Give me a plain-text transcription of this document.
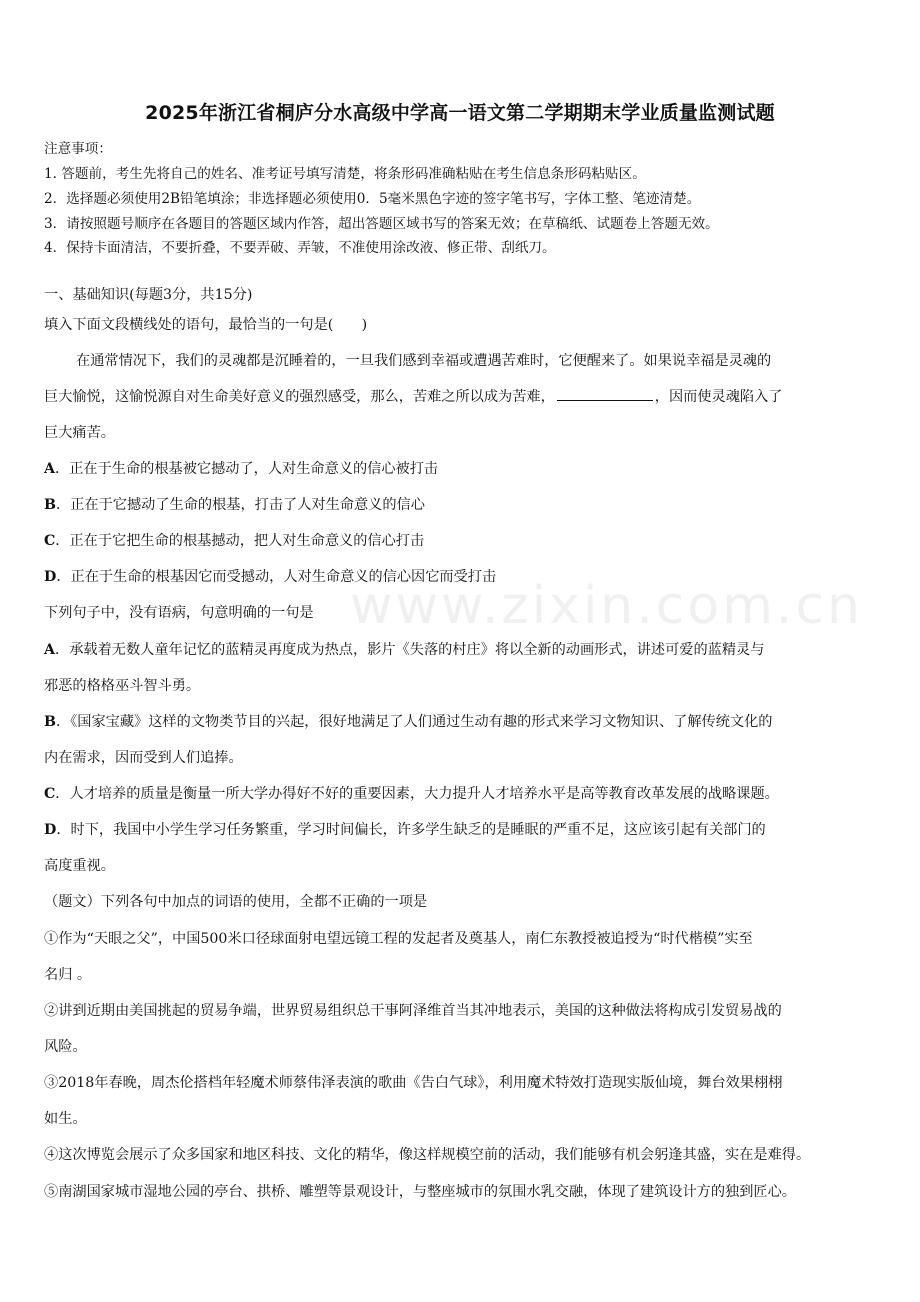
www.zixin.com.cn
2025年浙江省桐庐分水高级中学高一语文第二学期期末学业质量监测试题
注意事项：
1. 答题前，考生先将自己的姓名、准考证号填写清楚，将条形码准确粘贴在考生信息条形码粘贴区。
2．选择题必须使用2B铅笔填涂；非选择题必须使用0．5毫米黑色字迹的签字笔书写，字体工整、笔迹清楚。
3．请按照题号顺序在各题目的答题区域内作答，超出答题区域书写的答案无效；在草稿纸、试题卷上答题无效。
4．保持卡面清洁，不要折叠，不要弄破、弄皱，不准使用涂改液、修正带、刮纸刀。
一、基础知识(每题3分，共15分)
填入下面文段横线处的语句，最恰当的一句是(　　)
在通常情况下，我们的灵魂都是沉睡着的，一旦我们感到幸福或遭遇苦难时，它便醒来了。如果说幸福是灵魂的
巨大愉悦，这愉悦源自对生命美好意义的强烈感受，那么，苦难之所以成为苦难，	，因而使灵魂陷入了
巨大痛苦。
A．正在于生命的根基被它撼动了，人对生命意义的信心被打击
B．正在于它撼动了生命的根基，打击了人对生命意义的信心
C．正在于它把生命的根基撼动，把人对生命意义的信心打击
D．正在于生命的根基因它而受撼动，人对生命意义的信心因它而受打击
下列句子中，没有语病，句意明确的一句是
A．承载着无数人童年记忆的蓝精灵再度成为热点，影片《失落的村庄》将以全新的动画形式，讲述可爱的蓝精灵与
邪恶的格格巫斗智斗勇。
B．《国家宝藏》这样的文物类节目的兴起，很好地满足了人们通过生动有趣的形式来学习文物知识、了解传统文化的
内在需求，因而受到人们追捧。
C．人才培养的质量是衡量一所大学办得好不好的重要因素，大力提升人才培养水平是高等教育改革发展的战略课题。
D．时下，我国中小学生学习任务繁重，学习时间偏长，许多学生缺乏的是睡眠的严重不足，这应该引起有关部门的
高度重视。
（题文）下列各句中加点的词语的使用，全都不正确的一项是
①作为“天眼之父”，中国500米口径球面射电望远镜工程的发起者及奠基人，南仁东教授被追授为“时代楷模”实至
名归 。
②讲到近期由美国挑起的贸易争端，世界贸易组织总干事阿泽维首当其冲地表示，美国的这种做法将构成引发贸易战的
风险。
③2018年春晚，周杰伦搭档年轻魔术师蔡伟泽表演的歌曲《告白气球》，利用魔术特效打造现实版仙境，舞台效果栩栩
如生。
④这次博览会展示了众多国家和地区科技、文化的精华，像这样规模空前的活动，我们能够有机会躬逢其盛，实在是难得。
⑤南湖国家城市湿地公园的亭台、拱桥、雕塑等景观设计，与整座城市的氛围水乳交融，体现了建筑设计方的独到匠心。
